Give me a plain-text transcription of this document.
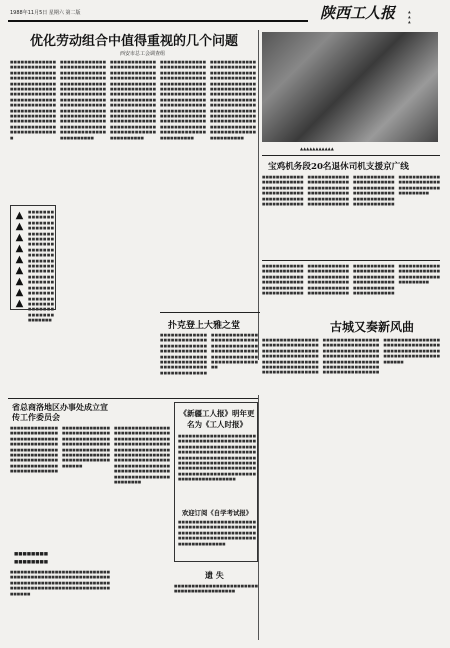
1988年11月5日 星期六 第二版	陕西工人报	▲
▲
▲
优化劳动组合中值得重视的几个问题
西安市总工会调查组
■■■■■■■■■■■■■■■■■■■■■■■■■■■■■■■■■■■■■■■■■■■■■■■■■■■■■■■■■■■■■■■■■■■■■■■■■■■■■■■■■■■■■■■■■■■■■■■■■■■■■■■■■■■■■■■■■■■■■■■■■■■■■■■■■■■■■■■■■■■■■■■■■■■■■■■■■■■■■■■■■■■■■■■■■■■■■■■■■■■■■■■
■■■■■■■■■■■■■■■■■■■■■■■■■■■■■■■■■■■■■■■■■■■■■■■■■■■■■■■■■■■■■■■■■■■■■■■■■■■■■■■■■■■■■■■■■■■■■■■■■■■■■■■■■■■■■■■■■■■■■■■■■■■■■■■■■■■■■■■■■■■■■■■■■■■■■■■■■■■■■■■■■■■■■■■■■■■■■■■■■■■■■■■■■■■■■■■■
■■■■■■■■■■■■■■■■■■■■■■■■■■■■■■■■■■■■■■■■■■■■■■■■■■■■■■■■■■■■■■■■■■■■■■■■■■■■■■■■■■■■■■■■■■■■■■■■■■■■■■■■■■■■■■■■■■■■■■■■■■■■■■■■■■■■■■■■■■■■■■■■■■■■■■■■■■■■■■■■■■■■■■■■■■■■■■■■■■■■■■■■■■■■■■■■
■■■■■■■■■■■■■■■■■■■■■■■■■■■■■■■■■■■■■■■■■■■■■■■■■■■■■■■■■■■■■■■■■■■■■■■■■■■■■■■■■■■■■■■■■■■■■■■■■■■■■■■■■■■■■■■■■■■■■■■■■■■■■■■■■■■■■■■■■■■■■■■■■■■■■■■■■■■■■■■■■■■■■■■■■■■■■■■■■■■■■■■■■■■■■■■■
■■■■■■■■■■■■■■■■■■■■■■■■■■■■■■■■■■■■■■■■■■■■■■■■■■■■■■■■■■■■■■■■■■■■■■■■■■■■■■■■■■■■■■■■■■■■■■■■■■■■■■■■■■■■■■■■■■■■■■■■■■■■■■■■■■■■■■■■■■■■■■■■■■■■■■■■■■■■■■■■■■■■■■■■■■■■■■■■■■■■■■■■■■■■■■■■
▲▲▲▲▲▲▲▲▲ ■■■■■■■■■■■■■■■■■■■■■■■■■■■■■■■■■■■■■■■■■■■■■■■■■■■■■■■■■■■■■■■■■■■■■■■■■■■■■■■■■■■■■■■■■■■■■■■■■■■■■■■■■■■■■■■■■■■■■■■■■■■■■■■■■■■■■■■■■■■■■■■■■■■
▲▲▲▲▲▲▲▲▲▲▲
宝鸡机务段20名退休司机支援京广线
■■■■■■■■■■■■■■■■■■■■■■■■■■■■■■■■■■■■■■■■■■■■■■■■■■■■■■■■■■■■■■■■■■■■■■■■■■■■■■■■■■■■■■■■■■■■■■■■■■■■■■■■■■■■■■■■■■■■■■■■■■■■■■■■■■■■■■■■■■■■■■■■■■■■■■■■■■■■■■■■■■■■■■■■■■■■■■■■■■■■■■■■■■■■■■■■■■■■■■■■■■■■■■■■■■■■■■■■■■■■■■■■■■■■■■■■■■■■■■■■■■■■■■■■■■■■■■■■■■■■■
扑克登上大雅之堂
■■■■■■■■■■■■■■■■■■■■■■■■■■■■■■■■■■■■■■■■■■■■■■■■■■■■■■■■■■■■■■■■■■■■■■■■■■■■■■■■■■■■■■■■■■■■■■■■■■■■■■■■■■■■■■■■■■■■■■■■■■■■■■■■■■■■■■■■■■■■■■■■■■■■■■■■■■■■■■■■■■■■■■■■■■■■■■■■■■■■■■■■
■■■■■■■■■■■■■■■■■■■■■■■■■■■■■■■■■■■■■■■■■■■■■■■■■■■■■■■■■■■■■■■■■■■■■■■■■■■■■■■■■■■■■■■■■■■■■■■■■■■■■■■■■■■■■■■■■■■■■■■■■■■■■■■■■■■■■■■■■■■■■■■■■■■■■■■■■■■■■■■■■■■■■■■■■■■■■■■■■■■■■■■■■■■■■■■■■■■■■■■■■■■■■■■■■■■■■■■■■■■■■■■■■■■■■■■■■■■■■■■■■■■■■■■■■■■■■■■■■■■■■
古城又奏新风曲
■■■■■■■■■■■■■■■■■■■■■■■■■■■■■■■■■■■■■■■■■■■■■■■■■■■■■■■■■■■■■■■■■■■■■■■■■■■■■■■■■■■■■■■■■■■■■■■■■■■■■■■■■■■■■■■■■■■■■■■■■■■■■■■■■■■■■■■■■■■■■■■■■■■■■■■■■■■■■■■■■■■■■■■■■■■■■■■■■■■■■■■■■■■■■■■■■■■■■■■■■■■■■■■■■■■■■■■■■■■■■■■■■■■■■■■■■■■■■■■■■■■■■■■■■■■■■■■■■■■■■■■■■■■■■■■■■■■■■■■■■■■■■■■■■■■■■■
省总商洛地区办事处成立宣传工作委员会
■■■■■■■■■■■■■■■■■■■■■■■■■■■■■■■■■■■■■■■■■■■■■■■■■■■■■■■■■■■■■■■■■■■■■■■■■■■■■■■■■■■■■■■■■■■■■■■■■■■■■■■■■■■■■■■■■■■■■■■■■■■■■■■■■■■■■■■■■■■■■■■■■■■■■■■■■■■■■■■■■■■■■■■■■■■■■■■■■■■■■■■■■■■■■■■■■■■■■■■■■■■■■■■■■■■■■■■■■■■■■■■■■■■■■■
■■■■■■■■
■■■■■■■■
■■■■■■■■■■■■■■■■■■■■■■■■■■■■■■■■■■■■■■■■■■■■■■■■■■■■■■■■■■■■■■■■■■■■■■■■■■■■■■■■■■■■■■■■■■■■■■■■■■■■■■■■■■■■■■■■■■■■■■■■■■
■■■■■■■■■■■■■■■■■■■■■■■■■■■■■■■■■■■■■■■■■■■■■■■■■■■■■■■■■■■■■■■■■■■■■■■■■■■■■■■■■■■■■■■■■■■■■■■■■■■■■■■■■■■■■■■■■■■■■■■■■■■■■■■■■■■■■■■■■■■■■■■■■■■■■■■■■■■■■■■■■■■■■■■■
《新疆工人报》明年更名为《工人时报》
■■■■■■■■■■■■■■■■■■■■■■■■■■■■■■■■■■■■■■■■■■■■■■■■■■■■■■■■■■■■■■■■■■■■■■■■■■■■■■■■■■■■■■■■■■■■■■■■■■■■■■■■■■■■■■■■■■■■■■■■■■■■■■■■■■■■■■■■■■■■■■■■■■■■■■■■■■■■■■■■■■■■■■■■■■■■■■■■■■■■■■■■■■■■■■■■■
欢迎订阅《自学考试报》
■■■■■■■■■■■■■■■■■■■■■■■■■■■■■■■■■■■■■■■■■■■■■■■■■■■■■■■■■■■■■■■■■■■■■■■■■■■■■■■■■■■■■■■■■■■■■■■■■■■■■■
遗 失
■■■■■■■■■■■■■■■■■■■■■■■■■■■■■■■■■■■■■■■■■■
